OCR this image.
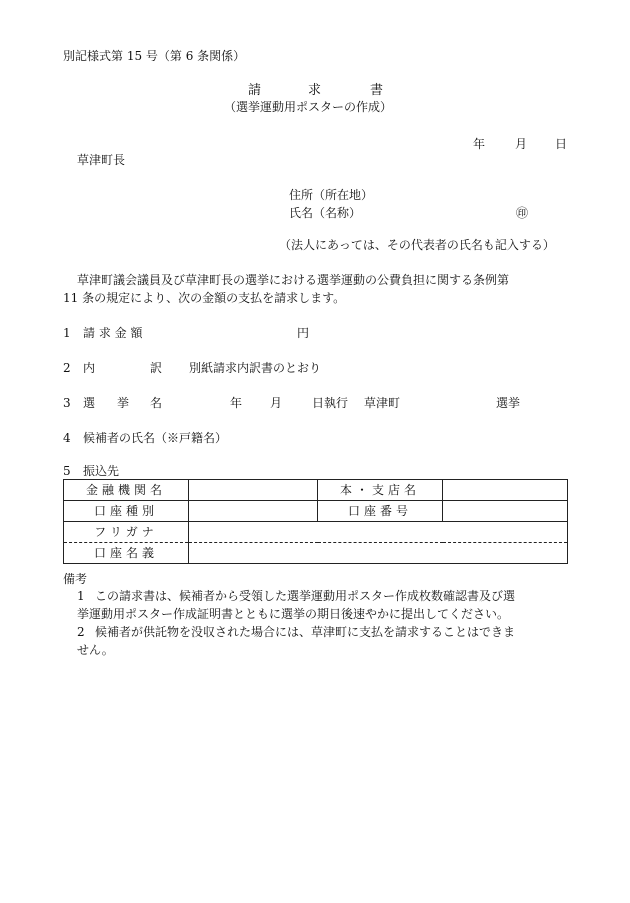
別記様式第 15 号（第 6 条関係）
請	求	書
（選挙運動用ポスターの作成）
年 月 日
草津町長
住所（所在地）
氏名（名称）	㊞
（法人にあっては、その代表者の氏名も記入する）
草津町議会議員及び草津町長の選挙における選挙運動の公費負担に関する条例第
11 条の規定により、次の金額の支払を請求します。
1 請 求 金 額	円
2 内	訳 別紙請求内訳書のとおり
3 選 挙 名	年 月 日執行 草津町	選挙
4 候補者の氏名（※戸籍名）
5 振込先
金融機関名		本・支店名	
口座種別		口座番号	
フリガナ			
口座名義			
備考
1 この請求書は、候補者から受領した選挙運動用ポスター作成枚数確認書及び選
挙運動用ポスター作成証明書とともに選挙の期日後速やかに提出してください。
2 候補者が供託物を没収された場合には、草津町に支払を請求することはできま
せん。
